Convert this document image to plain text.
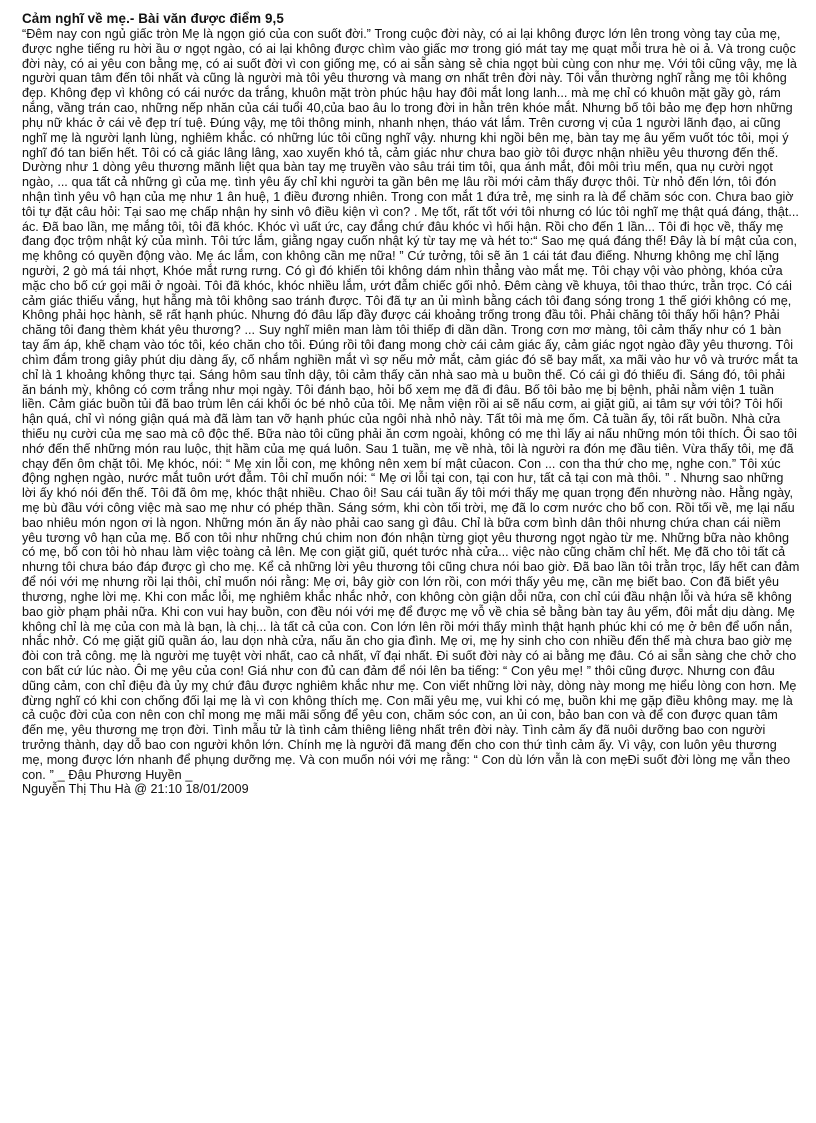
Cảm nghĩ về mẹ.- Bài văn được điểm 9,5

“Đêm nay con ngủ giấc tròn Mẹ là ngọn gió của con suốt đời.” Trong cuộc đời này, có ai lại không được lớn lên trong vòng tay của mẹ, được nghe tiếng ru hời ầu ơ ngọt ngào, có ai lại không được chìm vào giấc mơ trong gió mát tay mẹ quạt mỗi trưa hè oi ả. Và trong cuộc đời này, có ai yêu con bằng mẹ, có ai suốt đời vì con giống mẹ, có ai sẵn sàng sẻ chia ngọt bùi cùng con như mẹ. Với tôi cũng vậy, mẹ là người quan tâm đến tôi nhất và cũng là người mà tôi yêu thương và mang ơn nhất trên đời này. Tôi vẫn thường nghĩ rằng mẹ tôi không đẹp. Không đẹp vì không có cái nước da trắng, khuôn mặt tròn phúc hậu hay đôi mắt long lanh... mà mẹ chỉ có khuôn mặt gầy gò, rám nắng, vầng trán cao, những nếp nhăn của cái tuổi 40,của bao âu lo trong đời in hằn trên khóe mắt. Nhưng bố tôi bảo mẹ đẹp hơn những phụ nữ khác ở cái vẻ đẹp trí tuệ. Đúng vậy, mẹ tôi thông minh, nhanh nhẹn, tháo vát lắm. Trên cương vị của 1 người lãnh đạo, ai cũng nghĩ mẹ là người lạnh lùng, nghiêm khắc. có những lúc tôi cũng nghĩ vậy. nhưng khi ngồi bên mẹ, bàn tay mẹ âu yếm vuốt tóc tôi, mọi ý nghĩ đó tan biến hết. Tôi có cả giác lâng lâng, xao xuyến khó tả, cảm giác như chưa bao giờ tôi được nhận nhiều yêu thương đến thế. Dường như 1 dòng yêu thương mãnh liệt qua bàn tay mẹ truyền vào sâu trái tim tôi, qua ánh mắt, đôi môi trìu mến, qua nụ cười ngọt ngào, ... qua tất cả những gì của mẹ. tình yêu ấy chỉ khi người ta gần bên mẹ lâu rồi mới cảm thấy được thôi. Từ nhỏ đến lớn, tôi đón nhận tình yêu vô hạn của mẹ như 1 ân huệ, 1 điều đương nhiên. Trong con mắt 1 đứa trẻ, mẹ sinh ra là để chăm sóc con. Chưa bao giờ tôi tự đặt câu hỏi: Tại sao mẹ chấp nhận hy sinh vô điều kiện vì con? . Mẹ tốt, rất tốt với tôi nhưng có lúc tôi nghĩ mẹ thật quá đáng, thật... ác. Đã bao lần, mẹ mắng tôi, tôi đã khóc. Khóc vì uất ức, cay đắng chứ đâu khóc vì hối hận. Rồi cho đến 1 lần... Tôi đi học về, thấy mẹ đang đọc trộm nhật ký của mình. Tôi tức lắm, giằng ngay cuốn nhật ký từ tay mẹ và hét to:“ Sao mẹ quá đáng thế! Đây là bí mật của con, mẹ không có quyền động vào. Mẹ ác lắm, con không cần mẹ nữa! ” Cứ tưởng, tôi sẽ ăn 1 cái tát đau điếng. Nhưng không mẹ chỉ lặng người, 2 gò má tái nhợt, Khóe mắt rưng rưng. Có gì đó khiến tôi không dám nhìn thẳng vào mắt mẹ. Tôi chạy vội vào phòng, khóa cửa mặc cho bố cứ gọi mãi ở ngoài. Tôi đã khóc, khóc nhiều lắm, ướt đẫm chiếc gối nhỏ. Đêm càng về khuya, tôi thao thức, trằn trọc. Có cái cảm giác thiếu vắng, hụt hẫng mà tôi không sao tránh được. Tôi đã tự an ủi mình bằng cách tôi đang sóng trong 1 thế giới không có mẹ, Không phải học hành, sẽ rất hạnh phúc. Nhưng đó đâu lấp đầy được cái khoảng trống trong đầu tôi. Phải chăng tôi thấy hối hận? Phải chăng tôi đang thèm khát yêu thương? ... Suy nghĩ miên man làm tôi thiếp đi dần dần. Trong cơn mơ màng, tôi cảm thấy như có 1 bàn tay ấm áp, khẽ chạm vào tóc tôi, kéo chăn cho tôi. Đúng rồi tôi đang mong chờ cái cảm giác ấy, cảm giác ngọt ngào đầy yêu thương. Tôi chìm đắm trong giây phút dịu dàng ấy, cố nhắm nghiền mắt vì sợ nếu mở mắt, cảm giác đó sẽ bay mất, xa mãi vào hư vô và trước mắt ta chỉ là 1 khoảng không thực tại. Sáng hôm sau tỉnh dậy, tôi cảm thấy căn nhà sao mà u buồn thế. Có cái gì đó thiếu đi. Sáng đó, tôi phải ăn bánh mỳ, không có cơm trắng như mọi ngày. Tôi đánh bạo, hỏi bố xem mẹ đã đi đâu. Bố tôi bảo mẹ bị bệnh, phải nằm viện 1 tuần liền. Cảm giác buồn tủi đã bao trùm lên cái khối óc bé nhỏ của tôi. Mẹ nằm viện rồi ai sẽ nấu cơm, ai giặt giũ, ai tâm sự với tôi? Tôi hối hận quá, chỉ vì nóng giận quá mà đã làm tan vỡ hạnh phúc của ngôi nhà nhỏ này. Tất tôi mà mẹ ốm. Cả tuần ấy, tôi rất buồn. Nhà cửa thiếu nụ cười của mẹ sao mà cô độc thế. Bữa nào tôi cũng phải ăn cơm ngoài, không có mẹ thì lấy ai nấu những món tôi thích. Ôi sao tôi nhớ đến thế những món rau luộc, thịt hầm của mẹ quá luôn. Sau 1 tuần, mẹ về nhà, tôi là người ra đón mẹ đầu tiên. Vừa thấy tôi, mẹ đã chạy đến ôm chặt tôi. Mẹ khóc, nói: “ Mẹ xin lỗi con, mẹ không nên xem bí mật củacon. Con ... con tha thứ cho mẹ, nghe con.” Tôi xúc động nghẹn ngào, nước mắt tuôn ướt đẫm. Tôi chỉ muốn nói: “ Mẹ ơi lỗi tại con, tại con hư, tất cả tại con mà thôi. ” . Nhưng sao những lời ấy khó nói đến thế. Tôi đã ôm mẹ, khóc thật nhiều. Chao ôi! Sau cái tuần ấy tôi mới thấy mẹ quan trọng đến nhường nào. Hằng ngày, mẹ bù đầu với công việc mà sao mẹ như có phép thần. Sáng sớm, khi còn tối trời, mẹ đã lo cơm nước cho bố con. Rồi tối về, mẹ lại nấu bao nhiêu món ngon ơi là ngon. Những món ăn ấy nào phải cao sang gì đâu. Chỉ là bữa cơm bình dân thôi nhưng chứa chan cái niềm yêu tương vô hạn của mẹ. Bố con tôi như những chú chim non đón nhận từng giọt yêu thương ngọt ngào từ mẹ. Những bữa nào không có mẹ, bố con tôi hò nhau làm việc toàng cả lên. Mẹ con giặt giũ, quét tước nhà cửa... việc nào cũng chăm chỉ hết. Mẹ đã cho tôi tất cả nhưng tôi chưa báo đáp được gì cho mẹ. Kể cả những lời yêu thương tôi cũng chưa nói bao giờ. Đã bao lần tôi trằn trọc, lấy hết can đảm để nói với mẹ nhưng rồi lại thôi, chỉ muốn nói rằng: Mẹ ơi, bây giờ con lớn rồi, con mới thấy yêu mẹ, cần mẹ biết bao. Con đã biết yêu thương, nghe lời mẹ. Khi con mắc lỗi, mẹ nghiêm khắc nhắc nhở, con không còn giận dỗi nữa, con chỉ cúi đầu nhận lỗi và hứa sẽ không bao giờ phạm phải nữa. Khi con vui hay buồn, con đều nói với mẹ để được mẹ vỗ về chia sẻ bằng bàn tay âu yếm, đôi mắt dịu dàng. Mẹ không chỉ là mẹ của con mà là bạn, là chị... là tất cả của con. Con lớn lên rồi mới thấy mình thật hạnh phúc khi có mẹ ở bên để uốn nắn, nhắc nhở. Có mẹ giặt giũ quần áo, lau dọn nhà cửa, nấu ăn cho gia đình. Mẹ ơi, mẹ hy sinh cho con nhiều đến thế mà chưa bao giờ mẹ đòi con trả công. mẹ là người mẹ tuyệt vời nhất, cao cả nhất, vĩ đại nhất. Đi suốt đời này có ai bằng mẹ đâu. Có ai sẵn sàng che chở cho con bất cứ lúc nào. Ôi mẹ yêu của con! Giá như con đủ can đảm để nói lên ba tiếng: “ Con yêu mẹ! ” thôi cũng được. Nhưng con đâu dũng cảm, con chỉ điệu đà ủy mỵ chứ đâu được nghiêm khắc như mẹ. Con viết những lời này, dòng này mong mẹ hiểu lòng con hơn. Mẹ đừng nghĩ có khi con chống đối lại mẹ là vì con không thích mẹ. Con mãi yêu mẹ, vui khi có mẹ, buồn khi mẹ gặp điều không may. mẹ là cả cuộc đời của con nên con chỉ mong mẹ mãi mãi sống để yêu con, chăm sóc con, an ủi con, bảo ban con và để con được quan tâm đến mẹ, yêu thương mẹ trọn đời. Tình mẫu tử là tình cảm thiêng liêng nhất trên đời này. Tình cảm ấy đã nuôi dưỡng bao con người trưởng thành, dạy dỗ bao con người khôn lớn. Chính mẹ là người đã mang đến cho con thứ tình cảm ấy. Vì vậy, con luôn yêu thương mẹ, mong được lớn nhanh để phụng dưỡng mẹ. Và con muốn nói với mẹ rằng: “ Con dù lớn vẫn là con mẹĐi suốt đời lòng mẹ vẫn theo con. ” _ Đậu Phương Huyền _

Nguyễn Thị Thu Hà @ 21:10 18/01/2009
